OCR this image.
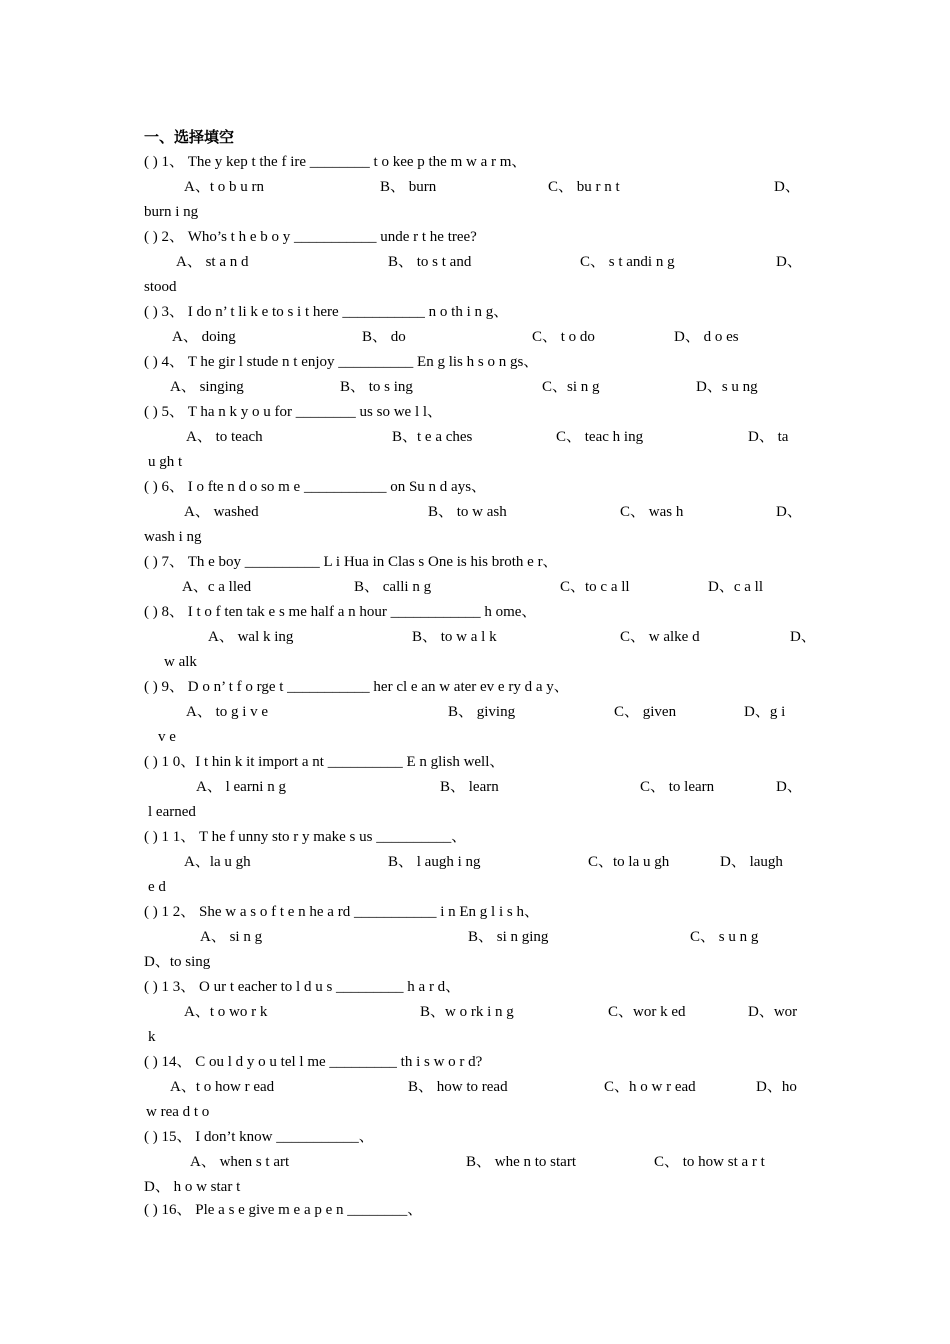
一、选择填空
( ) 1、 The y kep t the f ire ________ t o kee p the m w a r m、
A、t o b u rn	B、 burn	C、 bu r n t	D、
burn i ng
( ) 2、 Who’s t h e b o y ___________ unde r t he tree?
A、 st a n d	B、 to s t and	C、 s t andi n g	D、
stood
( ) 3、 I do n’ t li k e to s i t here ___________ n o th i n g、
A、 doing	B、 do	C、 t o do	D、 d o es
( ) 4、 T he gir l stude n t enjoy __________ En g lis h s o n gs、
A、 singing	B、 to s ing	C、si n g	D、s u ng
( ) 5、 T ha n k y o u for ________ us so we l l、
A、 to teach	B、t e a ches	C、 teac h ing	D、 ta
u gh t
( ) 6、 I o fte n d o so m e ___________ on Su n d ays、
A、 washed	B、 to w ash	C、 was h	D、
wash i ng
( ) 7、 Th e boy __________ L i Hua in Clas s One is his broth e r、
A、c a lled	B、 calli n g	C、to c a ll	D、c a ll
( ) 8、 I t o f ten tak e s me half a n hour ____________ h ome、
A、 wal k ing	B、 to w a l k	C、 w alke d	D、
w alk
( ) 9、 D o n’ t f o rge t ___________ her cl e an w ater ev e ry d a y、
A、 to g i v e	B、 giving	C、 given	D、g i
v e
( ) 1 0、I t hin k it import a nt __________ E n glish well、
A、 l earni n g	B、 learn	C、 to learn	D、
l earned
( ) 1 1、 T he f unny sto r y make s us __________、
A、la u gh	B、 l augh i ng	C、to la u gh	D、 laugh
e d
( ) 1 2、 She w a s o f t e n he a rd ___________ i n En g l i s h、
A、 si n g	B、 si n ging	C、 s u n g
D、to sing
( ) 1 3、 O ur t eacher to l d u s _________ h a r d、
A、t o wo r k	B、w o rk i n g	C、wor k ed	D、wor
k
( ) 14、 C ou l d y o u tel l me _________ th i s w o r d?
A、t o how r ead	B、 how to read	C、h o w r ead	D、ho
w rea d t o
( ) 15、 I don’t know ___________、
A、 when s t art	B、 whe n to start	C、 to how st a r t
D、 h o w star t
( ) 16、 Ple a s e give m e a p e n ________、
